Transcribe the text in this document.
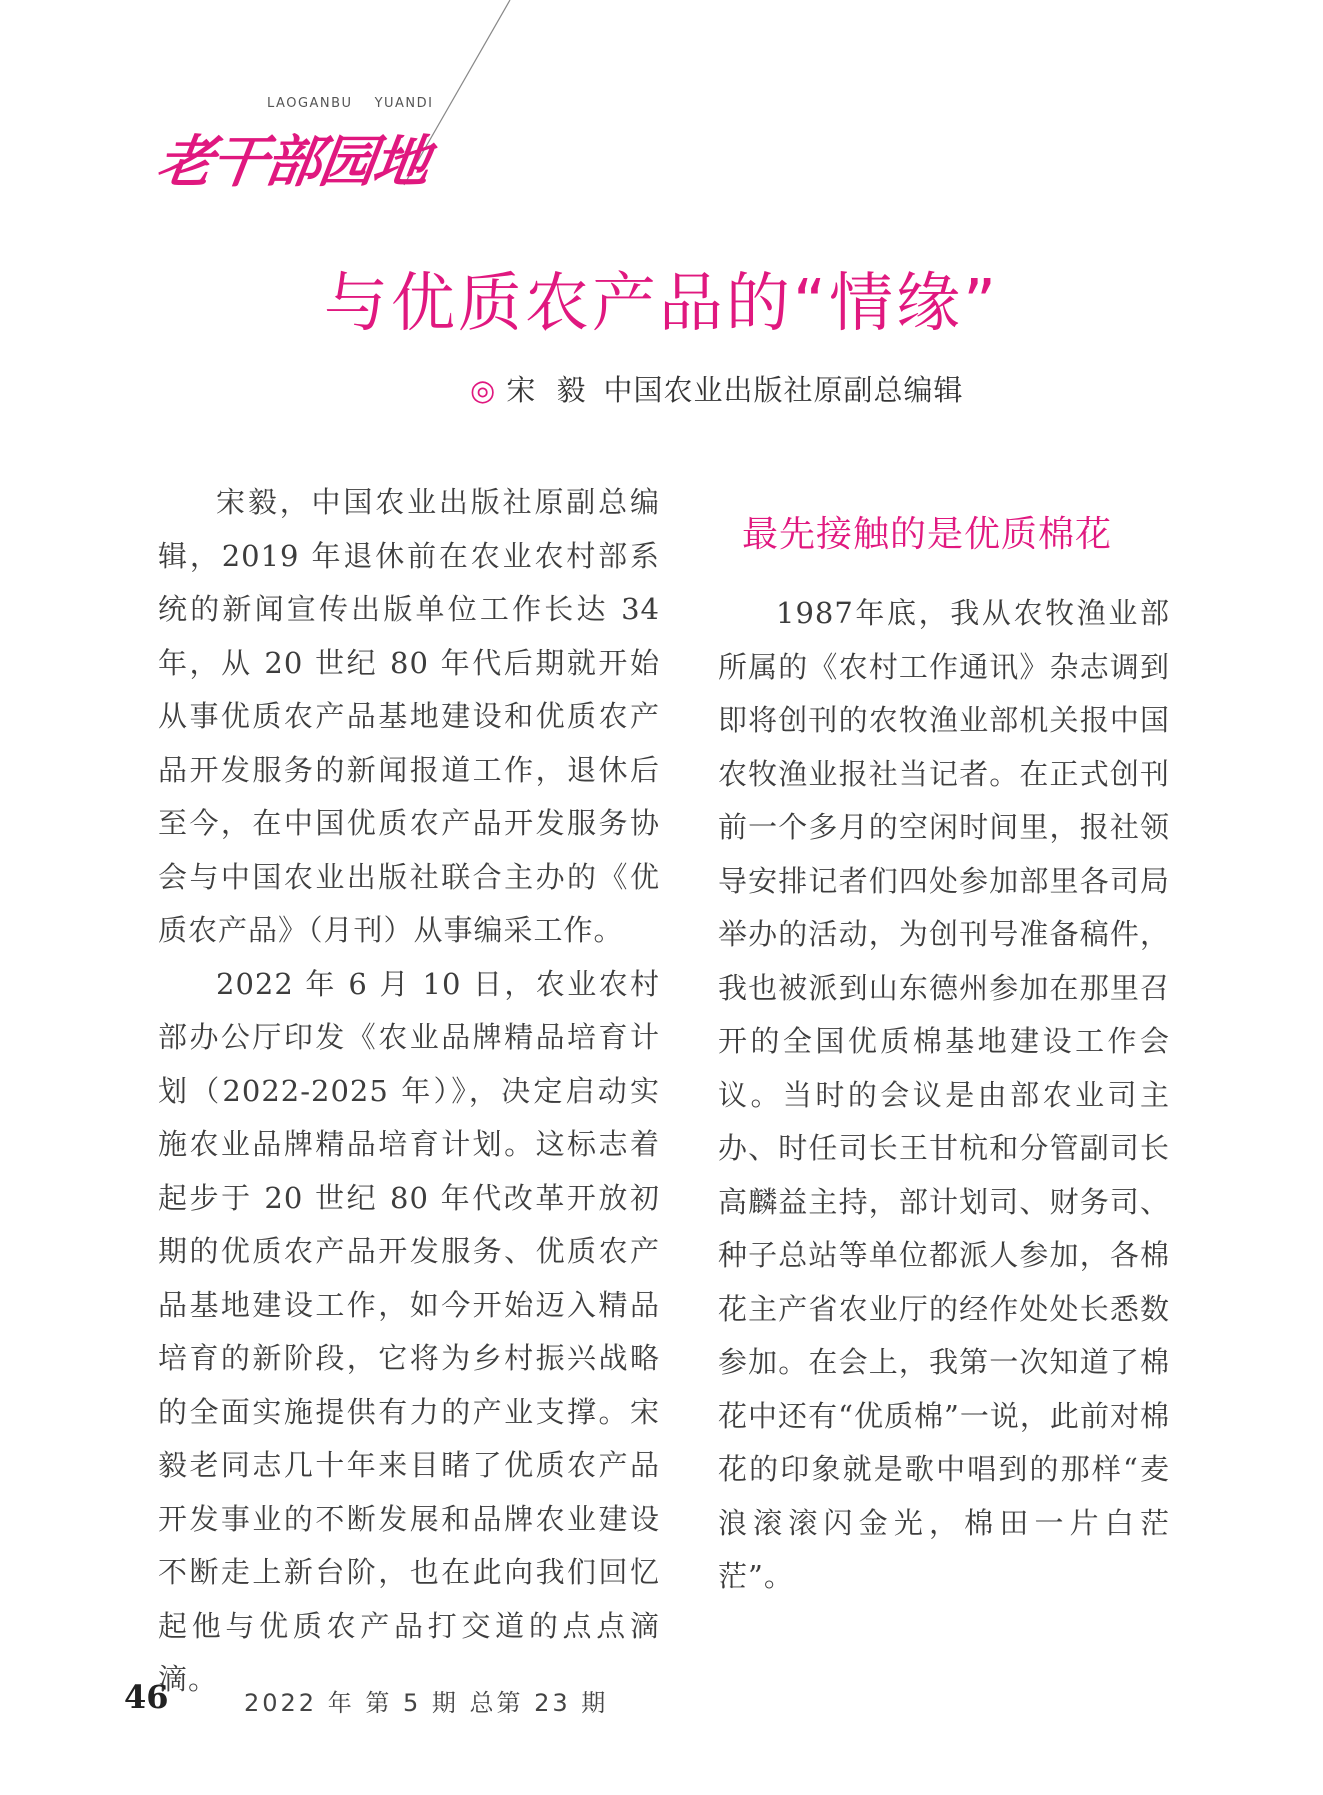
LAOGANBU YUANDI
老干部园地
与优质农产品的“情缘”
◎ 宋 毅 中国农业出版社原副总编辑

宋毅，中国农业出版社原副总编辑，2019 年退休前在农业农村部系统的新闻宣传出版单位工作长达 34 年，从 20 世纪 80 年代后期就开始从事优质农产品基地建设和优质农产品开发服务的新闻报道工作，退休后至今，在中国优质农产品开发服务协会与中国农业出版社联合主办的《优质农产品》（月刊）从事编采工作。

2022 年 6 月 10 日，农业农村部办公厅印发《农业品牌精品培育计划（2022-2025 年）》，决定启动实施农业品牌精品培育计划。这标志着起步于 20 世纪 80 年代改革开放初期的优质农产品开发服务、优质农产品基地建设工作，如今开始迈入精品培育的新阶段，它将为乡村振兴战略的全面实施提供有力的产业支撑。宋毅老同志几十年来目睹了优质农产品开发事业的不断发展和品牌农业建设不断走上新台阶，也在此向我们回忆起他与优质农产品打交道的点点滴滴。

最先接触的是优质棉花

1987年底，我从农牧渔业部所属的《农村工作通讯》杂志调到即将创刊的农牧渔业部机关报中国农牧渔业报社当记者。在正式创刊前一个多月的空闲时间里，报社领导安排记者们四处参加部里各司局举办的活动，为创刊号准备稿件，我也被派到山东德州参加在那里召开的全国优质棉基地建设工作会议。当时的会议是由部农业司主办、时任司长王甘杭和分管副司长高麟益主持，部计划司、财务司、种子总站等单位都派人参加，各棉花主产省农业厅的经作处处长悉数参加。在会上，我第一次知道了棉花中还有“优质棉”一说，此前对棉花的印象就是歌中唱到的那样“麦浪滚滚闪金光，棉田一片白茫茫”。

46	2022 年 第 5 期 总第 23 期
